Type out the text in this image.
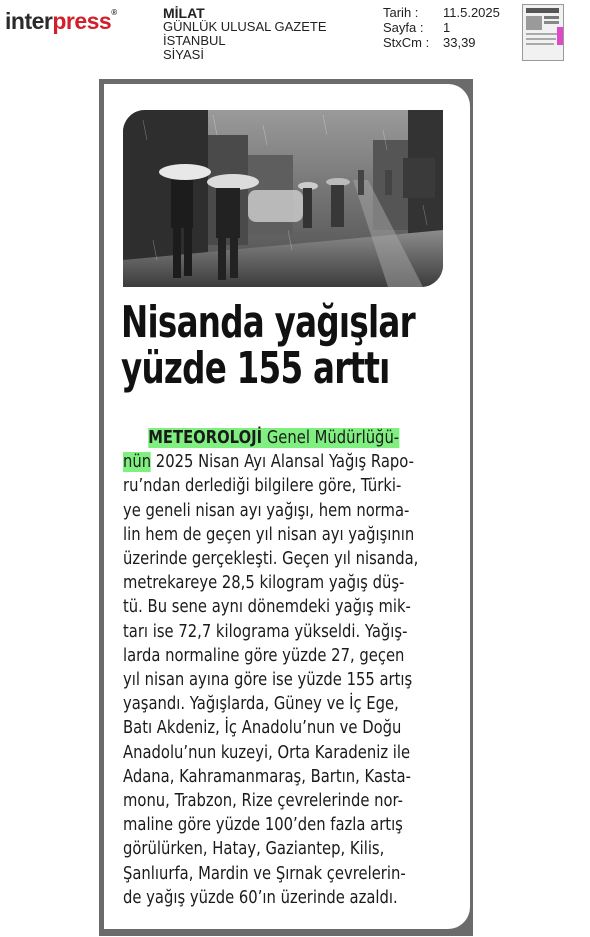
interpress®	MİLAT
GÜNLÜK ULUSAL GAZETE
İSTANBUL
SİYASİ
Tarih :	11.5.2025
Sayfa :	1
StxCm :	33,39
Nisanda yağışlar
yüzde 155 arttı
METEOROLOJİ Genel Müdürlüğü-
nün 2025 Nisan Ayı Alansal Yağış Rapo-
ru’ndan derlediği bilgilere göre, Türki-
ye geneli nisan ayı yağışı, hem norma-
lin hem de geçen yıl nisan ayı yağışının
üzerinde gerçekleşti. Geçen yıl nisanda,
metrekareye 28,5 kilogram yağış düş-
tü. Bu sene aynı dönemdeki yağış mik-
tarı ise 72,7 kilograma yükseldi. Yağış-
larda normaline göre yüzde 27, geçen
yıl nisan ayına göre ise yüzde 155 artış
yaşandı. Yağışlarda, Güney ve İç Ege,
Batı Akdeniz, İç Anadolu’nun ve Doğu
Anadolu’nun kuzeyi, Orta Karadeniz ile
Adana, Kahramanmaraş, Bartın, Kasta-
monu, Trabzon, Rize çevrelerinde nor-
maline göre yüzde 100’den fazla artış
görülürken, Hatay, Gaziantep, Kilis,
Şanlıurfa, Mardin ve Şırnak çevrelerin-
de yağış yüzde 60’ın üzerinde azaldı.
